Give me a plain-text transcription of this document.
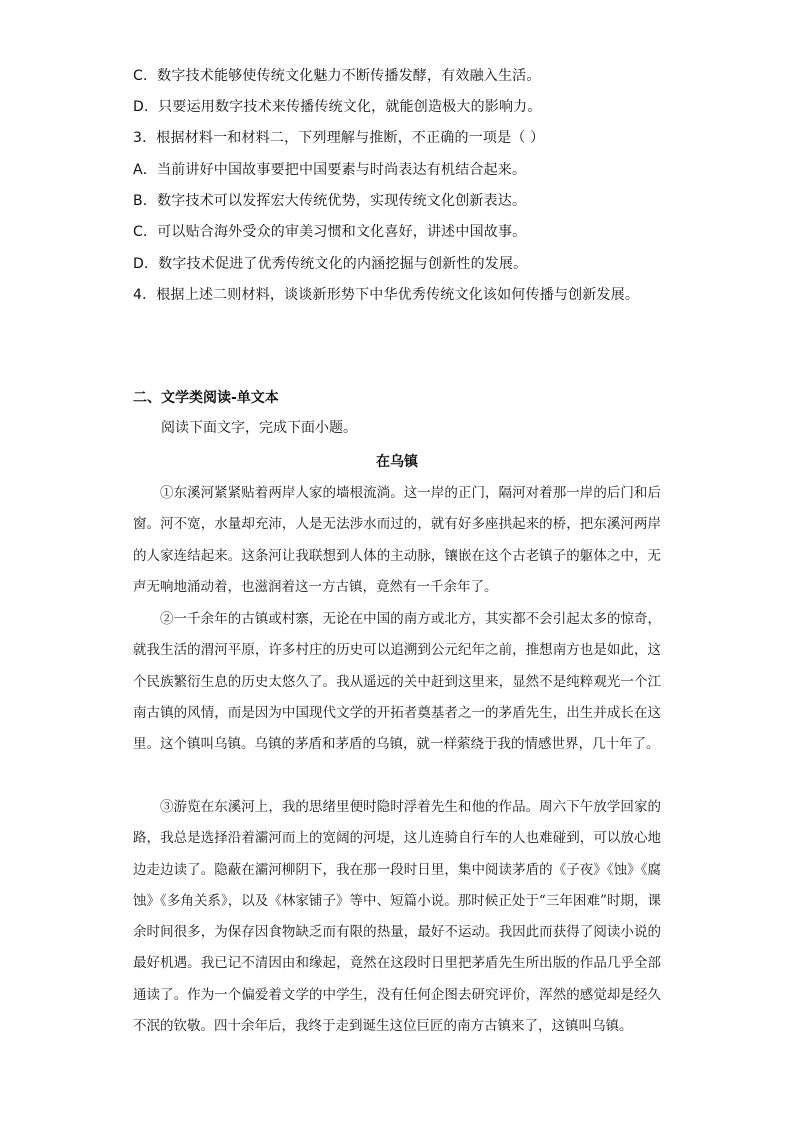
C．数字技术能够使传统文化魅力不断传播发酵，有效融入生活。
D．只要运用数字技术来传播传统文化，就能创造极大的影响力。
3．根据材料一和材料二，下列理解与推断，不正确的一项是（ ）
A．当前讲好中国故事要把中国要素与时尚表达有机结合起来。
B．数字技术可以发挥宏大传统优势，实现传统文化创新表达。
C．可以贴合海外受众的审美习惯和文化喜好，讲述中国故事。
D．数字技术促进了优秀传统文化的内涵挖掘与创新性的发展。
4．根据上述二则材料，谈谈新形势下中华优秀传统文化该如何传播与创新发展。
二、文学类阅读-单文本
阅读下面文字，完成下面小题。
在乌镇

①东溪河紧紧贴着两岸人家的墙根流淌。这一岸的正门，隔河对着那一岸的后门和后窗。河不宽，水量却充沛，人是无法涉水而过的，就有好多座拱起来的桥，把东溪河两岸的人家连结起来。这条河让我联想到人体的主动脉，镶嵌在这个古老镇子的躯体之中，无声无响地涌动着，也滋润着这一方古镇，竟然有一千余年了。

②一千余年的古镇或村寨，无论在中国的南方或北方，其实都不会引起太多的惊奇，就我生活的渭河平原，许多村庄的历史可以追溯到公元纪年之前，推想南方也是如此，这个民族繁衍生息的历史太悠久了。我从遥远的关中赶到这里来，显然不是纯粹观光一个江南古镇的风情，而是因为中国现代文学的开拓者奠基者之一的茅盾先生，出生并成长在这里。这个镇叫乌镇。乌镇的茅盾和茅盾的乌镇，就一样萦绕于我的情感世界，几十年了。

③游览在东溪河上，我的思绪里便时隐时浮着先生和他的作品。周六下午放学回家的路，我总是选择沿着灞河而上的宽阔的河堤，这儿连骑自行车的人也难碰到，可以放心地边走边读了。隐蔽在灞河柳阴下，我在那一段时日里，集中阅读茅盾的《子夜》《蚀》《腐蚀》《多角关系》，以及《林家铺子》等中、短篇小说。那时候正处于“三年困难”时期，课余时间很多，为保存因食物缺乏而有限的热量，最好不运动。我因此而获得了阅读小说的最好机遇。我已记不清因由和缘起，竟然在这段时日里把茅盾先生所出版的作品几乎全部通读了。作为一个偏爱着文学的中学生，没有任何企图去研究评价，浑然的感觉却是经久不泯的钦敬。四十余年后，我终于走到诞生这位巨匠的南方古镇来了，这镇叫乌镇。
